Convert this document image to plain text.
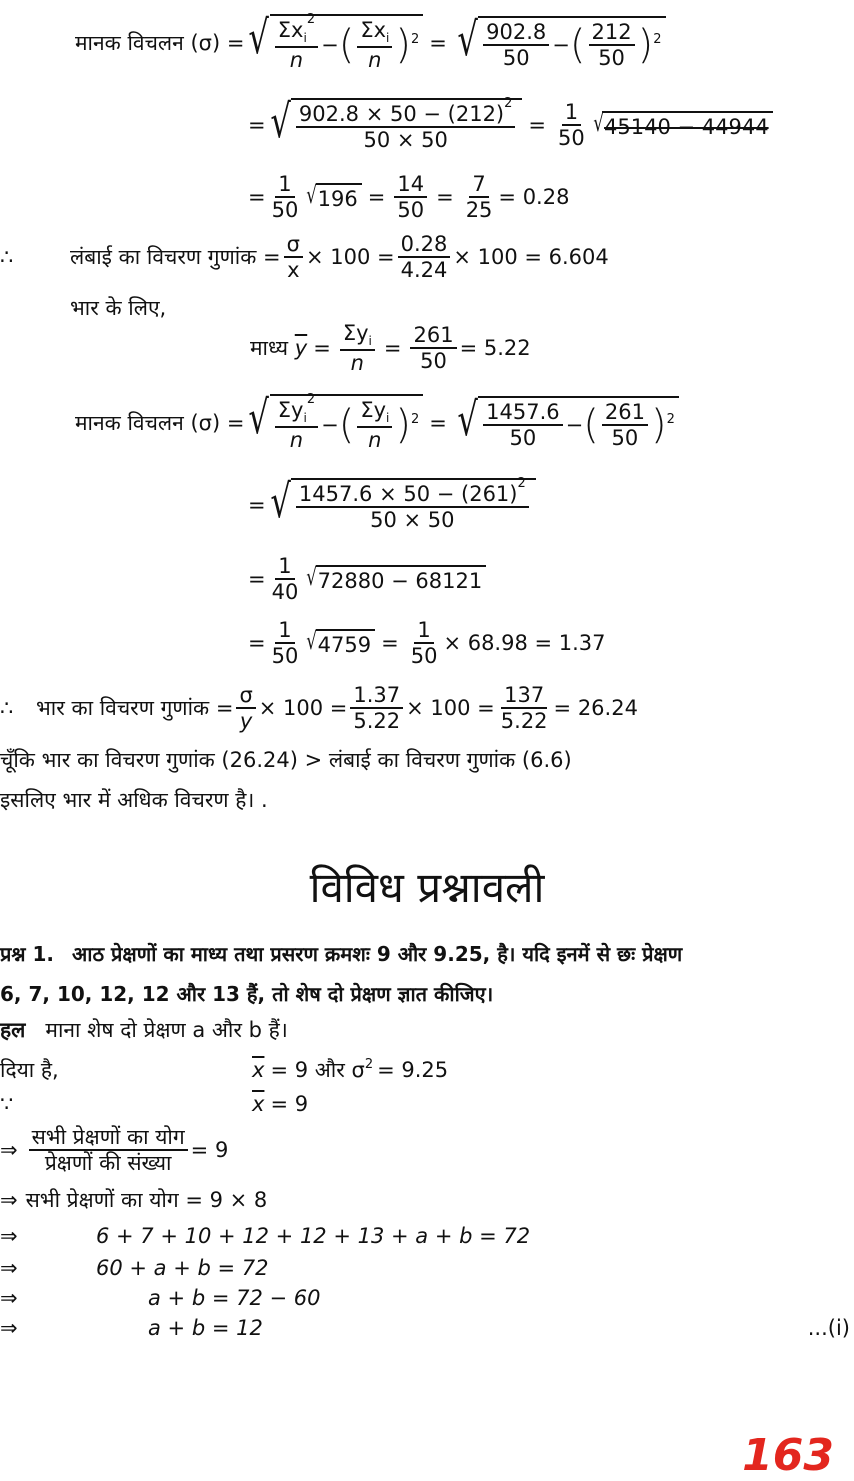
मानक विचलन (σ) = √ $\frac{\Sigma x_i^2}{n}$ − ( $\frac{\Sigma x_i}{n}$ ) 2 = √ $\frac{902.8}{50}$ − ( $\frac{212}{50}$ ) 2
= √ $\frac{902.8 \times 50 - (212)^2}{50 \times 50} = \frac{1}{50}$ √ 45140 − 44944
= $\frac{1}{50}$ √ $196 = \frac{14}{50} = \frac{7}{25} = 0.28$
∴	लंबाई का विचरण गुणांक = $\frac{\sigma}{x} \times 100 = \frac{0.28}{4.24} \times 100 = 6.604$
भार के लिए,
माध्य
$\overline{y} = \frac{\Sigma y_i}{n} = \frac{261}{50} = 5.22$
मानक विचलन (σ) = √ $\frac{\Sigma y_i^2}{n}$ − ( $\frac{\Sigma y_i}{n}$ ) 2 = √ $\frac{1457.6}{50}$ − ( $\frac{261}{50}$ ) 2
= √ $\frac{1457.6 \times 50 - (261)^2}{50 \times 50}$
= $\frac{1}{40}$ √ 72880 − 68121
= $\frac{1}{50}$ √ $4759 = \frac{1}{50} \times 68.98 = 1.37$
∴	भार का विचरण गुणांक = $\frac{\sigma}{y} \times 100 = \frac{1.37}{5.22} \times 100 = \frac{137}{5.22} = 26.24$
चूँकि भार का विचरण गुणांक (26.24) > लंबाई का विचरण गुणांक (6.6)
इसलिए भार में अधिक विचरण है। .
विविध प्रश्नावली
प्रश्न 1. आठ प्रेक्षणों का माध्य तथा प्रसरण क्रमशः 9 और 9.25, है। यदि इनमें से छः प्रेक्षण
6, 7, 10, 12, 12 और 13 हैं, तो शेष दो प्रेक्षण ज्ञात कीजिए।
हल माना शेष दो प्रेक्षण a और b हैं।
दिया है,	$\overline{x} = 9$ और σ 2 = 9.25
∵	$\overline{x} = 9$
⇒ $\frac{\text{सभी प्रेक्षणों का योग}}{\text{प्रेक्षणों की संख्या}} = 9$
⇒ सभी प्रेक्षणों का योग = 9 × 8
⇒	6 + 7 + 10 + 12 + 12 + 13 + a + b = 72
⇒	60 + a + b = 72
⇒	a + b = 72 − 60
⇒	a + b = 12	...(i)
163
